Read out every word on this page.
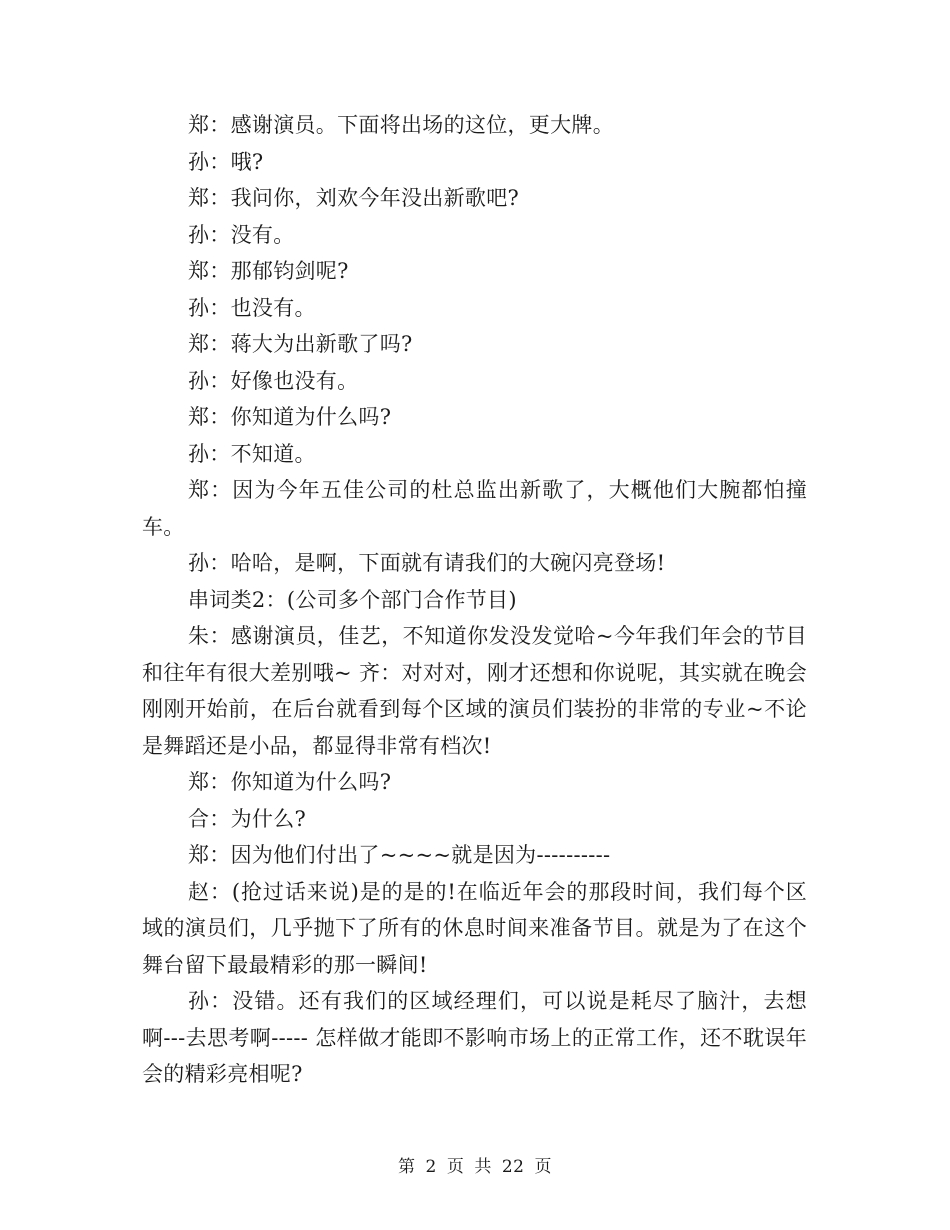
郑：感谢演员。下面将出场的这位，更大牌。

孙：哦?

郑：我问你，刘欢今年没出新歌吧?

孙：没有。

郑：那郁钧剑呢?

孙：也没有。

郑：蒋大为出新歌了吗?

孙：好像也没有。

郑：你知道为什么吗?

孙：不知道。

郑：因为今年五佳公司的杜总监出新歌了，大概他们大腕都怕撞车。

孙：哈哈，是啊，下面就有请我们的大碗闪亮登场!

串词类2：(公司多个部门合作节目)

朱：感谢演员，佳艺，不知道你发没发觉哈~今年我们年会的节目和往年有很大差别哦~ 齐：对对对，刚才还想和你说呢，其实就在晚会刚刚开始前，在后台就看到每个区域的演员们装扮的非常的专业~不论是舞蹈还是小品，都显得非常有档次!

郑：你知道为什么吗?

合：为什么?

郑：因为他们付出了~~~~就是因为----------

赵：(抢过话来说)是的是的!在临近年会的那段时间，我们每个区域的演员们，几乎抛下了所有的休息时间来准备节目。就是为了在这个舞台留下最最精彩的那一瞬间!

孙：没错。还有我们的区域经理们，可以说是耗尽了脑汁，去想啊---去思考啊----- 怎样做才能即不影响市场上的正常工作，还不耽误年会的精彩亮相呢?

第 2 页 共 22 页
